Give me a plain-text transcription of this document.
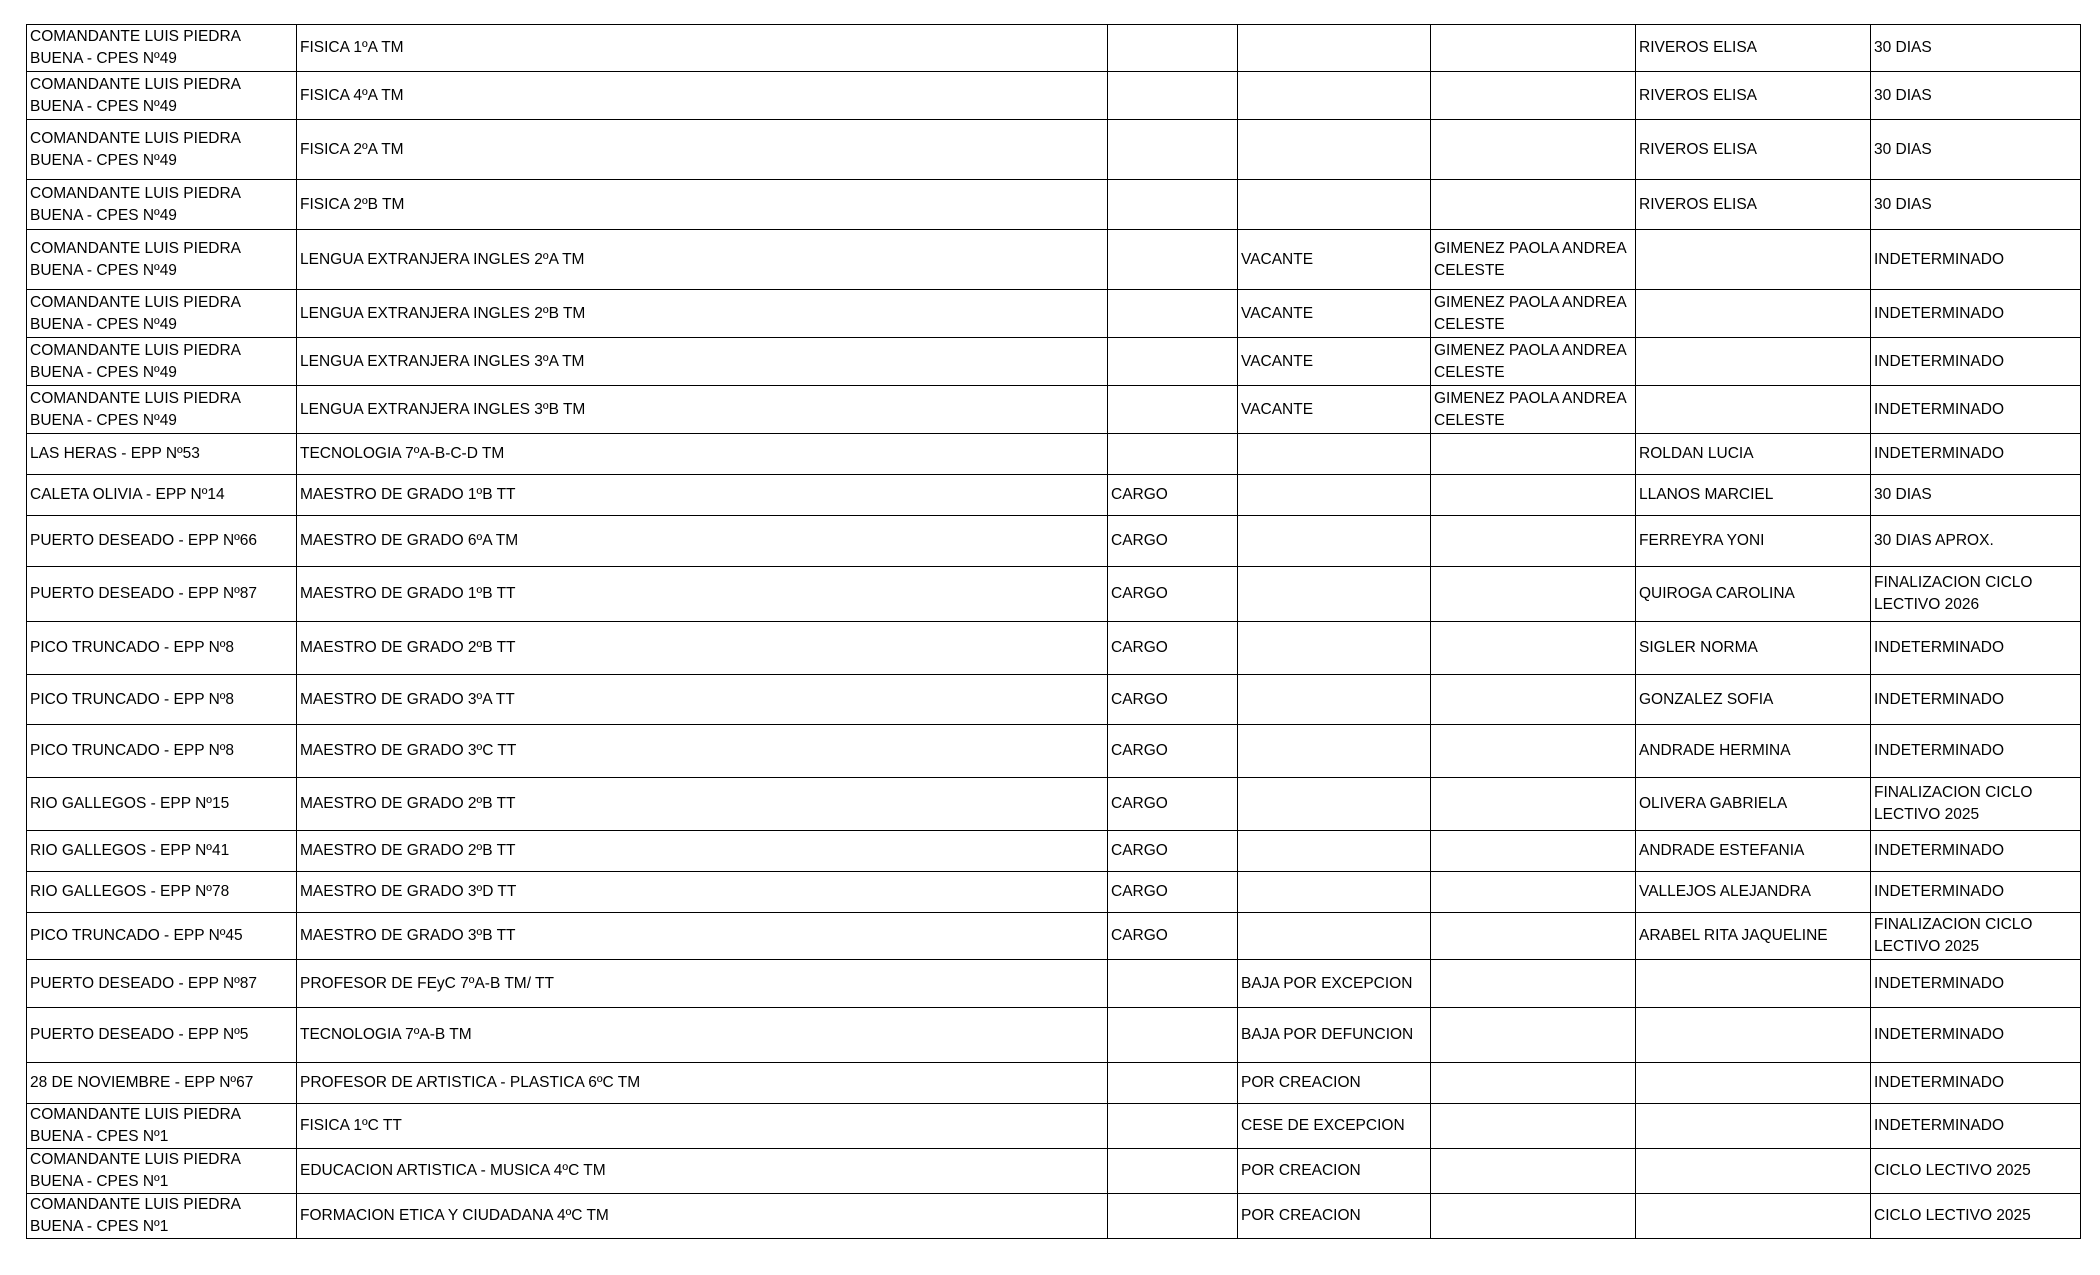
COMANDANTE LUIS PIEDRA BUENA - CPES Nº49	FISICA 1ºA TM				RIVEROS ELISA	30 DIAS
COMANDANTE LUIS PIEDRA BUENA - CPES Nº49	FISICA 4ºA TM				RIVEROS ELISA	30 DIAS
COMANDANTE LUIS PIEDRA BUENA - CPES Nº49	FISICA 2ºA TM				RIVEROS ELISA	30 DIAS
COMANDANTE LUIS PIEDRA BUENA - CPES Nº49	FISICA 2ºB TM				RIVEROS ELISA	30 DIAS
COMANDANTE LUIS PIEDRA BUENA - CPES Nº49	LENGUA EXTRANJERA INGLES 2ºA TM		VACANTE	GIMENEZ PAOLA ANDREA CELESTE		INDETERMINADO
COMANDANTE LUIS PIEDRA BUENA - CPES Nº49	LENGUA EXTRANJERA INGLES 2ºB TM		VACANTE	GIMENEZ PAOLA ANDREA CELESTE		INDETERMINADO
COMANDANTE LUIS PIEDRA BUENA - CPES Nº49	LENGUA EXTRANJERA INGLES 3ºA TM		VACANTE	GIMENEZ PAOLA ANDREA CELESTE		INDETERMINADO
COMANDANTE LUIS PIEDRA BUENA - CPES Nº49	LENGUA EXTRANJERA INGLES 3ºB TM		VACANTE	GIMENEZ PAOLA ANDREA CELESTE		INDETERMINADO
LAS HERAS - EPP Nº53	TECNOLOGIA 7ºA-B-C-D TM				ROLDAN LUCIA	INDETERMINADO
CALETA OLIVIA - EPP Nº14	MAESTRO DE GRADO 1ºB TT	CARGO			LLANOS MARCIEL	30 DIAS
PUERTO DESEADO - EPP Nº66	MAESTRO DE GRADO 6ºA TM	CARGO			FERREYRA YONI	30 DIAS APROX.
PUERTO DESEADO - EPP Nº87	MAESTRO DE GRADO 1ºB TT	CARGO			QUIROGA CAROLINA	FINALIZACION CICLO LECTIVO 2026
PICO TRUNCADO - EPP Nº8	MAESTRO DE GRADO 2ºB TT	CARGO			SIGLER NORMA	INDETERMINADO
PICO TRUNCADO - EPP Nº8	MAESTRO DE GRADO 3ºA TT	CARGO			GONZALEZ SOFIA	INDETERMINADO
PICO TRUNCADO - EPP Nº8	MAESTRO DE GRADO 3ºC TT	CARGO			ANDRADE HERMINA	INDETERMINADO
RIO GALLEGOS - EPP Nº15	MAESTRO DE GRADO 2ºB TT	CARGO			OLIVERA GABRIELA	FINALIZACION CICLO LECTIVO 2025
RIO GALLEGOS - EPP Nº41	MAESTRO DE GRADO 2ºB TT	CARGO			ANDRADE ESTEFANIA	INDETERMINADO
RIO GALLEGOS - EPP Nº78	MAESTRO DE GRADO 3ºD TT	CARGO			VALLEJOS ALEJANDRA	INDETERMINADO
PICO TRUNCADO - EPP Nº45	MAESTRO DE GRADO 3ºB TT	CARGO			ARABEL RITA JAQUELINE	FINALIZACION CICLO LECTIVO 2025
PUERTO DESEADO - EPP Nº87	PROFESOR DE FEyC 7ºA-B TM/ TT		BAJA POR EXCEPCION			INDETERMINADO
PUERTO DESEADO - EPP Nº5	TECNOLOGIA 7ºA-B TM		BAJA POR DEFUNCION			INDETERMINADO
28 DE NOVIEMBRE - EPP Nº67	PROFESOR DE ARTISTICA - PLASTICA 6ºC TM		POR CREACION			INDETERMINADO
COMANDANTE LUIS PIEDRA BUENA - CPES Nº1	FISICA 1ºC TT		CESE DE EXCEPCION			INDETERMINADO
COMANDANTE LUIS PIEDRA BUENA - CPES Nº1	EDUCACION ARTISTICA - MUSICA 4ºC TM		POR CREACION			CICLO LECTIVO 2025
COMANDANTE LUIS PIEDRA BUENA - CPES Nº1	FORMACION ETICA Y CIUDADANA 4ºC TM		POR CREACION			CICLO LECTIVO 2025
